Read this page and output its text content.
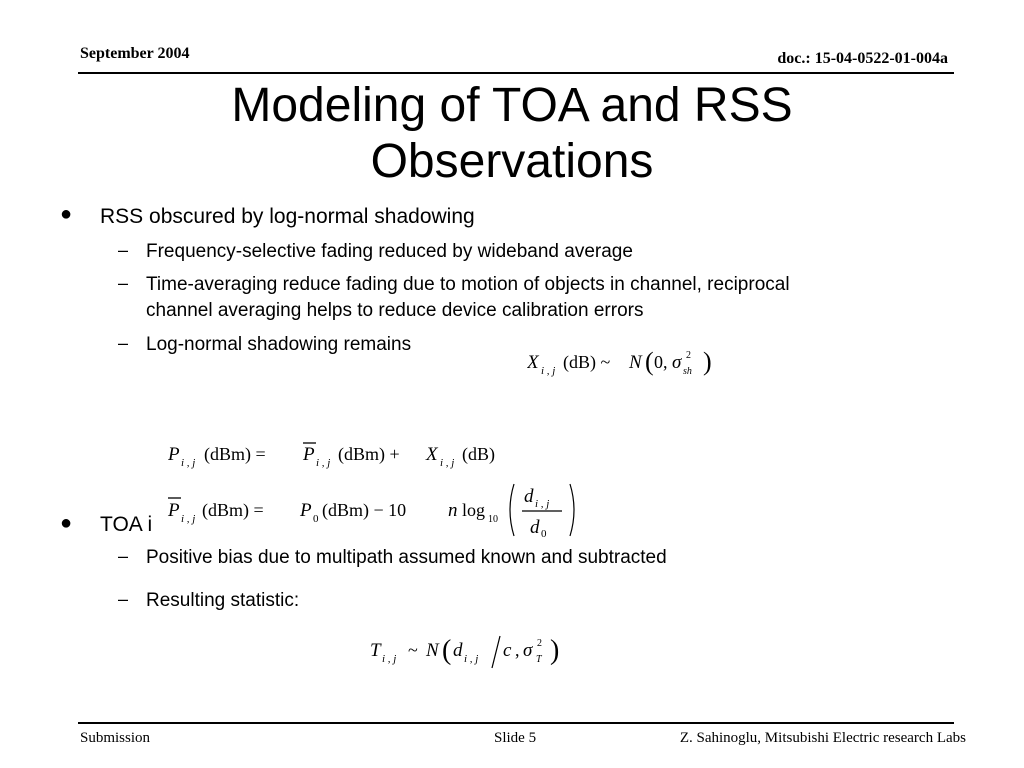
September 2004	doc.: 15-04-0522-01-004a
Modeling of TOA and RSS
Observations
● RSS obscured by log-normal shadowing
– Frequency-selective fading reduced by wideband average
– Time-averaging reduce fading due to motion of objects in channel, reciprocal
channel averaging helps to reduce device calibration errors
– Log-normal shadowing remains
X i , j (dB) ~ N ( 0, σ 2
sh )
P i , j (dBm) = P i , j (dBm) + X i , j (dB)
● TOA i
P i , j (dBm) = P 0 (dBm) − 10 n log 10
d i , j
d 0
– Positive bias due to multipath assumed known and subtracted
– Resulting statistic:
T i , j ~ N ( d i , j c , σ 2
T )
Submission	Slide 5	Z. Sahinoglu, Mitsubishi Electric research Labs
